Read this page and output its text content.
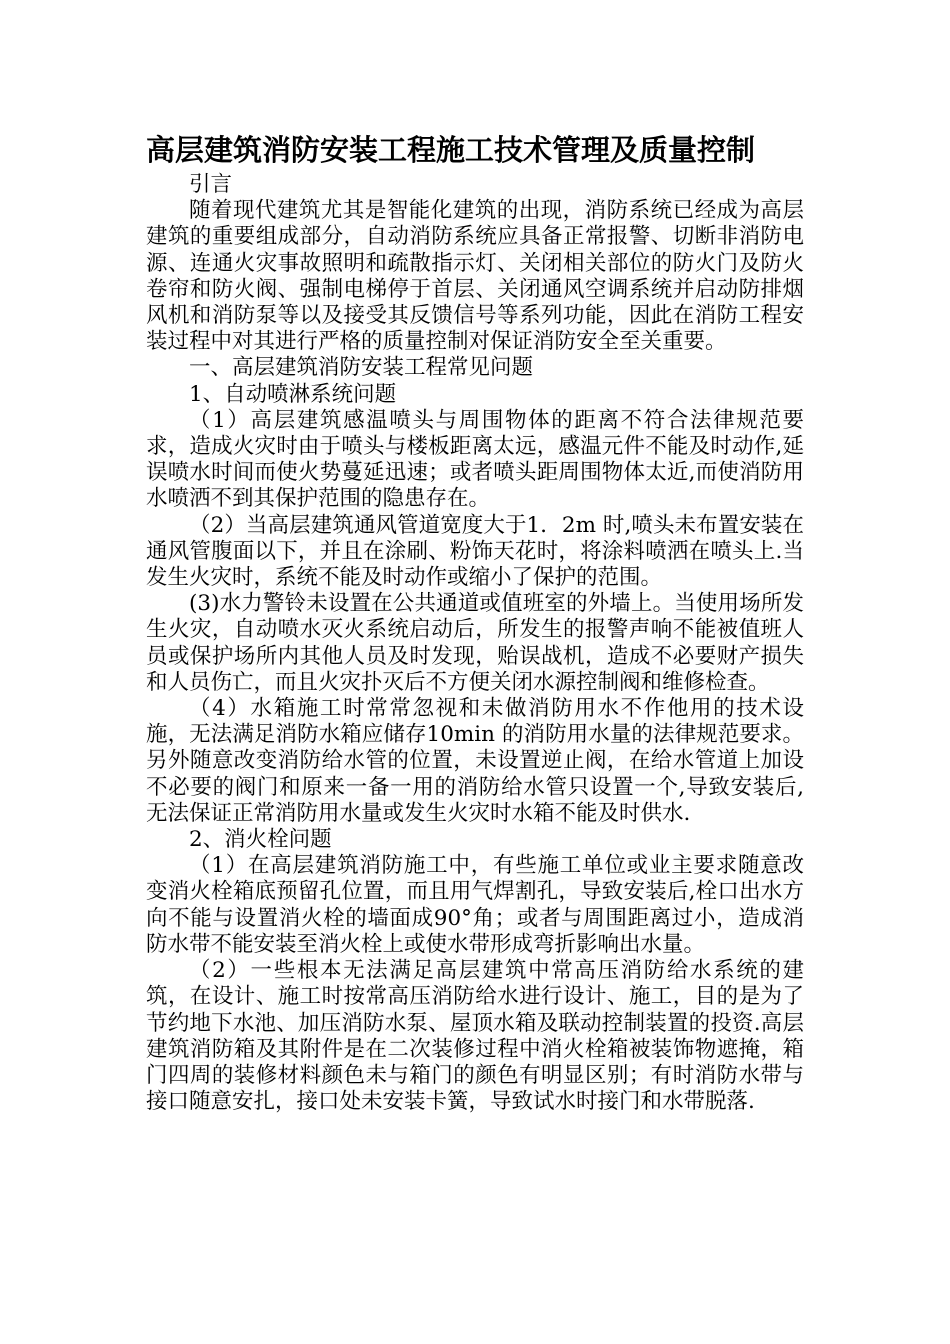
高层建筑消防安装工程施工技术管理及质量控制

引言

随着现代建筑尤其是智能化建筑的出现，消防系统已经成为高层建筑的重要组成部分，自动消防系统应具备正常报警、切断非消防电源、连通火灾事故照明和疏散指示灯、关闭相关部位的防火门及防火卷帘和防火阀、强制电梯停于首层、关闭通风空调系统并启动防排烟风机和消防泵等以及接受其反馈信号等系列功能，因此在消防工程安装过程中对其进行严格的质量控制对保证消防安全至关重要。

一、高层建筑消防安装工程常见问题

1、自动喷淋系统问题

（1）高层建筑感温喷头与周围物体的距离不符合法律规范要求，造成火灾时由于喷头与楼板距离太远，感温元件不能及时动作,延误喷水时间而使火势蔓延迅速；或者喷头距周围物体太近,而使消防用水喷洒不到其保护范围的隐患存在。

（2）当高层建筑通风管道宽度大于1．2m 时,喷头未布置安装在通风管腹面以下，并且在涂刷、粉饰天花时，将涂料喷洒在喷头上.当发生火灾时，系统不能及时动作或缩小了保护的范围。

(3)水力警铃未设置在公共通道或值班室的外墙上。当使用场所发生火灾，自动喷水灭火系统启动后，所发生的报警声响不能被值班人员或保护场所内其他人员及时发现，贻误战机，造成不必要财产损失和人员伤亡，而且火灾扑灭后不方便关闭水源控制阀和维修检查。

（4）水箱施工时常常忽视和未做消防用水不作他用的技术设施，无法满足消防水箱应储存10min 的消防用水量的法律规范要求。另外随意改变消防给水管的位置，未设置逆止阀，在给水管道上加设不必要的阀门和原来一备一用的消防给水管只设置一个,导致安装后,无法保证正常消防用水量或发生火灾时水箱不能及时供水.

2、消火栓问题

（1）在高层建筑消防施工中，有些施工单位或业主要求随意改变消火栓箱底预留孔位置，而且用气焊割孔，导致安装后,栓口出水方向不能与设置消火栓的墙面成90°角；或者与周围距离过小，造成消防水带不能安装至消火栓上或使水带形成弯折影响出水量。

（2）一些根本无法满足高层建筑中常高压消防给水系统的建筑，在设计、施工时按常高压消防给水进行设计、施工，目的是为了节约地下水池、加压消防水泵、屋顶水箱及联动控制装置的投资.高层建筑消防箱及其附件是在二次装修过程中消火栓箱被装饰物遮掩，箱门四周的装修材料颜色未与箱门的颜色有明显区别；有时消防水带与接口随意安扎，接口处未安装卡簧，导致试水时接门和水带脱落.
